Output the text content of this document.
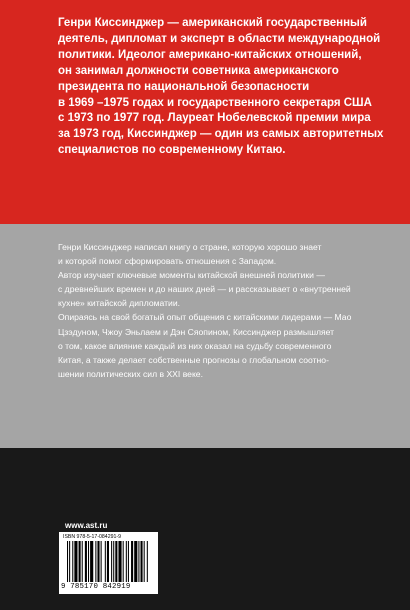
Генри Киссинджер — американский государственный
деятель, дипломат и эксперт в области международной
политики. Идеолог американо-китайских отношений,
он занимал должности советника американского
президента по национальной безопасности
в 1969 –1975 годах и государственного секретаря США
с 1973 по 1977 год. Лауреат Нобелевской премии мира
за 1973 год, Киссинджер — один из самых авторитетных
специалистов по современному Китаю.

Генри Киссинджер написал книгу о стране, которую хорошо знает
и которой помог сформировать отношения с Западом.

Автор изучает ключевые моменты китайской внешней политики —
с древнейших времен и до наших дней — и рассказывает о «внутренней
кухне» китайской дипломатии.

Опираясь на свой богатый опыт общения с китайскими лидерами — Мао
Цзэдуном, Чжоу Эньлаем и Дэн Сяопином, Киссинджер размышляет
о том, какое влияние каждый из них оказал на судьбу современного
Китая, а также делает собственные прогнозы о глобальном соотно-
шении политических сил в XXI веке.

www.ast.ru
ISBN 978-5-17-084291-9
9 785170 842919
